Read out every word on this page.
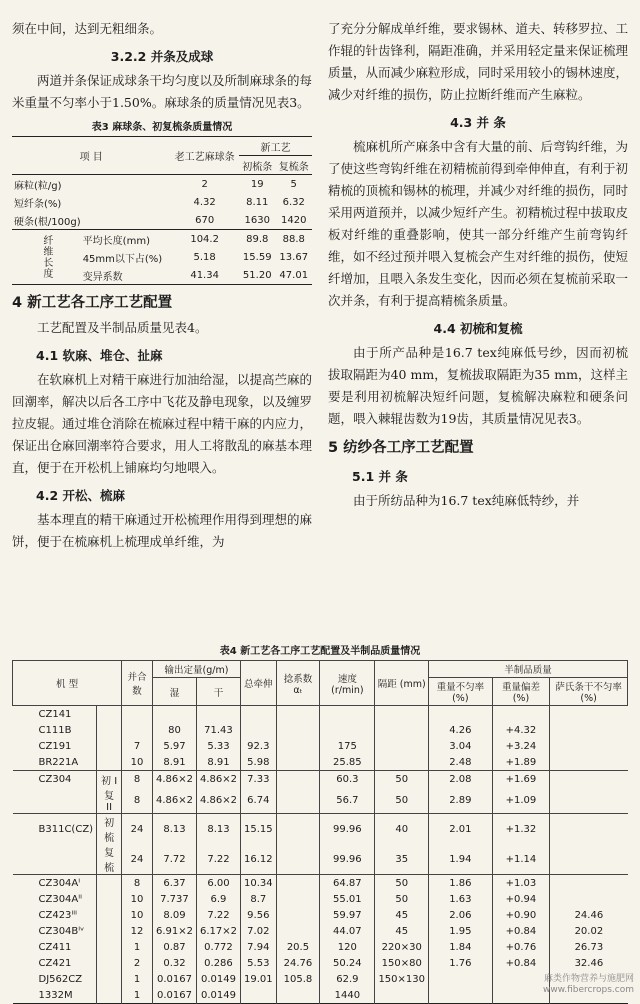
须在中间，达到无粗细条。

3.2.2 并条及成球

两道并条保证成球条干均匀度以及所制麻球条的每米重量不匀率小于1.50%。麻球条的质量情况见表3。

表3 麻球条、初复梳条质量情况
项 目		老工艺麻球条	新工艺	
			初梳条	复梳条
麻粒(粒/g)		2	19	5
短纤条(%)		4.32	8.11	6.32
硬条(根/100g)		670	1630	1420
纤维长度	平均长度(mm)	104.2	89.8	88.8
	45mm以下占(%)	5.18	15.59	13.67
	变异系数	41.34	51.20	47.01
4 新工艺各工序工艺配置

工艺配置及半制品质量见表4。

4.1 软麻、堆仓、扯麻

在软麻机上对精干麻进行加油给湿，以提高苎麻的回潮率，解决以后各工序中飞花及静电现象，以及缠罗拉皮辊。通过堆仓消除在梳麻过程中精干麻的内应力，保证出仓麻回潮率符合要求，用人工将散乱的麻基本理直，便于在开松机上铺麻均匀地喂入。

4.2 开松、梳麻

基本理直的精干麻通过开松梳理作用得到理想的麻饼，便于在梳麻机上梳理成单纤维，为

了充分分解成单纤维，要求锡林、道夫、转移罗拉、工作辊的针齿锋利，隔距准确，并采用轻定量来保证梳理质量，从而减少麻粒形成，同时采用较小的锡林速度，减少对纤维的损伤，防止拉断纤维而产生麻粒。

4.3 并 条

梳麻机所产麻条中含有大量的前、后弯钩纤维，为了使这些弯钩纤维在初精梳前得到牵伸伸直，有利于初精梳的顶梳和锡林的梳理，并减少对纤维的损伤，同时采用两道预并，以减少短纤产生。初精梳过程中拔取皮板对纤维的重叠影响，使其一部分纤维产生前弯钩纤维，如不经过预并喂入复梳会产生对纤维的损伤，使短纤增加，且喂入条发生变化，因而必须在复梳前采取一次并条，有利于提高精梳条质量。

4.4 初梳和复梳

由于所产品种是16.7 tex纯麻低号纱，因而初梳拔取隔距为40 mm，复梳拔取隔距为35 mm，这样主要是利用初梳解决短纤问题，复梳解决麻粒和硬条问题，喂入棘辊齿数为19齿，其质量情况见表3。

5 纺纱各工序工艺配置
5.1 并 条

由于所纺品种为16.7 tex纯麻低特纱，并

表4 新工艺各工序工艺配置及半制品质量情况
机 型		并合数	输出定量(g/m)		总牵伸	捻系数 αₜ	速度 (r/min)	隔距 (mm)	半制品质量		
			湿	干					重量不匀率 (%)	重量偏差 (%)	萨氏条干不匀率(%)
CZ141											
C111B			80	71.43					4.26	+4.32	
CZ191		7	5.97	5.33	92.3		175		3.04	+3.24	
BR221A		10	8.91	8.91	5.98		25.85		2.48	+1.89	
CZ304	初 I	8	4.86×2	4.86×2	7.33		60.3	50	2.08	+1.69	
	复 II	8	4.86×2	4.86×2	6.74		56.7	50	2.89	+1.09	
B311C(CZ)	初梳	24	8.13	8.13	15.15		99.96	40	2.01	+1.32	
	复梳	24	7.72	7.22	16.12		99.96	35	1.94	+1.14	
CZ304Aᴵ		8	6.37	6.00	10.34		64.87	50	1.86	+1.03	
CZ304Aᴵᴵ		10	7.737	6.9	8.7		55.01	50	1.63	+0.94	
CZ423ᴵᴵᴵ		10	8.09	7.22	9.56		59.97	45	2.06	+0.90	24.46
CZ304Bᴵᵛ		12	6.91×2	6.17×2	7.02		44.07	45	1.95	+0.84	20.02
CZ411		1	0.87	0.772	7.94	20.5	120	220×30	1.84	+0.76	26.73
CZ421		2	0.32	0.286	5.53	24.76	50.24	150×80	1.76	+0.84	32.46
DJ562CZ		1	0.0167	0.0149	19.01	105.8	62.9	150×130			
1332M		1	0.0167	0.0149			1440				
麻类作物营养与施肥网
www.fibercrops.com
